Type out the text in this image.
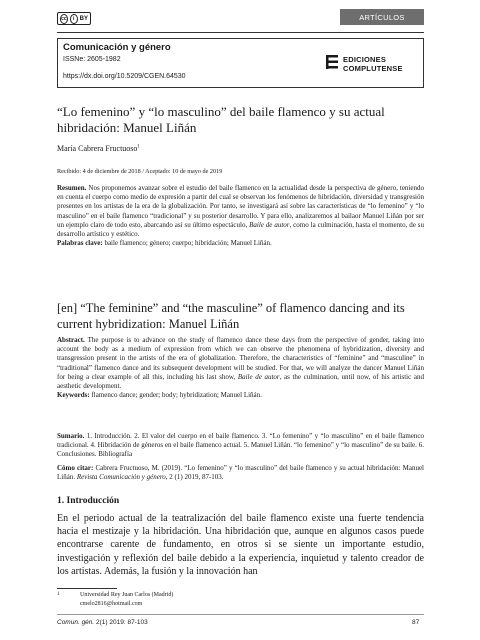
cc	i BY	ARTÍCULOS
Comunicación y género
ISSNe: 2605-1982
https://dx.doi.org/10.5209/CGEN.64530
EDICIONES
COMPLUTENSE
“Lo femenino” y “lo masculino” del baile flamenco y su actual hibridación: Manuel Liñán
María Cabrera Fructuoso$^1$
Recibido: 4 de diciembre de 2018 / Aceptado: 10 de mayo de 2019
Resumen. Nos proponemos avanzar sobre el estudio del baile flamenco en la actualidad desde la perspectiva de género, teniendo en cuenta el cuerpo como medio de expresión a partir del cual se observan los fenómenos de hibridación, diversidad y transgresión presentes en los artistas de la era de la globalización. Por tanto, se investigará así sobre las características de “lo femenino” y “lo masculino” en el baile flamenco “tradicional” y su posterior desarrollo. Y para ello, analizaremos al bailaor Manuel Liñán por ser un ejemplo claro de todo esto, abarcando así su último espectáculo, Baile de autor, como la culminación, hasta el momento, de su desarrollo artístico y estético.
Palabras clave: baile flamenco; género; cuerpo; hibridación; Manuel Liñán.
[en] “The feminine” and “the masculine” of flamenco dancing and its current hybridization: Manuel Liñán
Abstract. The purpose is to advance on the study of flamenco dance these days from the perspective of gender, taking into account the body as a medium of expression from which we can observe the phenomena of hybridization, diversity and transgression present in the artists of the era of globalization. Therefore, the characteristics of “feminine” and “masculine” in “traditional” flamenco dance and its subsequent development will be studied. For that, we will analyze the dancer Manuel Liñán for being a clear example of all this, including his last show, Baile de autor, as the culmination, until now, of his artistic and aesthetic development.
Keywords: flamenco dance; gender; body; hybridization; Manuel Liñán.
Sumario. 1. Introducción. 2. El valor del cuerpo en el baile flamenco. 3. “Lo femenino” y “lo masculino” en el baile flamenco tradicional. 4. Hibridación de géneros en el baile flamenco actual. 5. Manuel Liñán. “lo femenino” y “lo masculino” de su baile. 6. Conclusiones. Bibliografía
Cómo citar: Cabrera Fructuoso, M. (2019). “Lo femenino” y “lo masculino” del baile flamenco y su actual hibridación: Manuel Liñán. Revista Comunicación y género, 2 (1) 2019, 87-103.
1. Introducción
En el periodo actual de la teatralización del baile flamenco existe una fuerte tendencia hacia el mestizaje y la hibridación. Una hibridación que, aunque en algunos casos puede encontrarse carente de fundamento, en otros si se siente un importante estudio, investigación y reflexión del baile debido a la experiencia, inquietud y talento creador de los artistas. Además, la fusión y la innovación han
1	Universidad Rey Juan Carlos (Madrid)
cmelo2816@hotmail.com
Comun. gén. 2(1) 2019: 87-103	87
